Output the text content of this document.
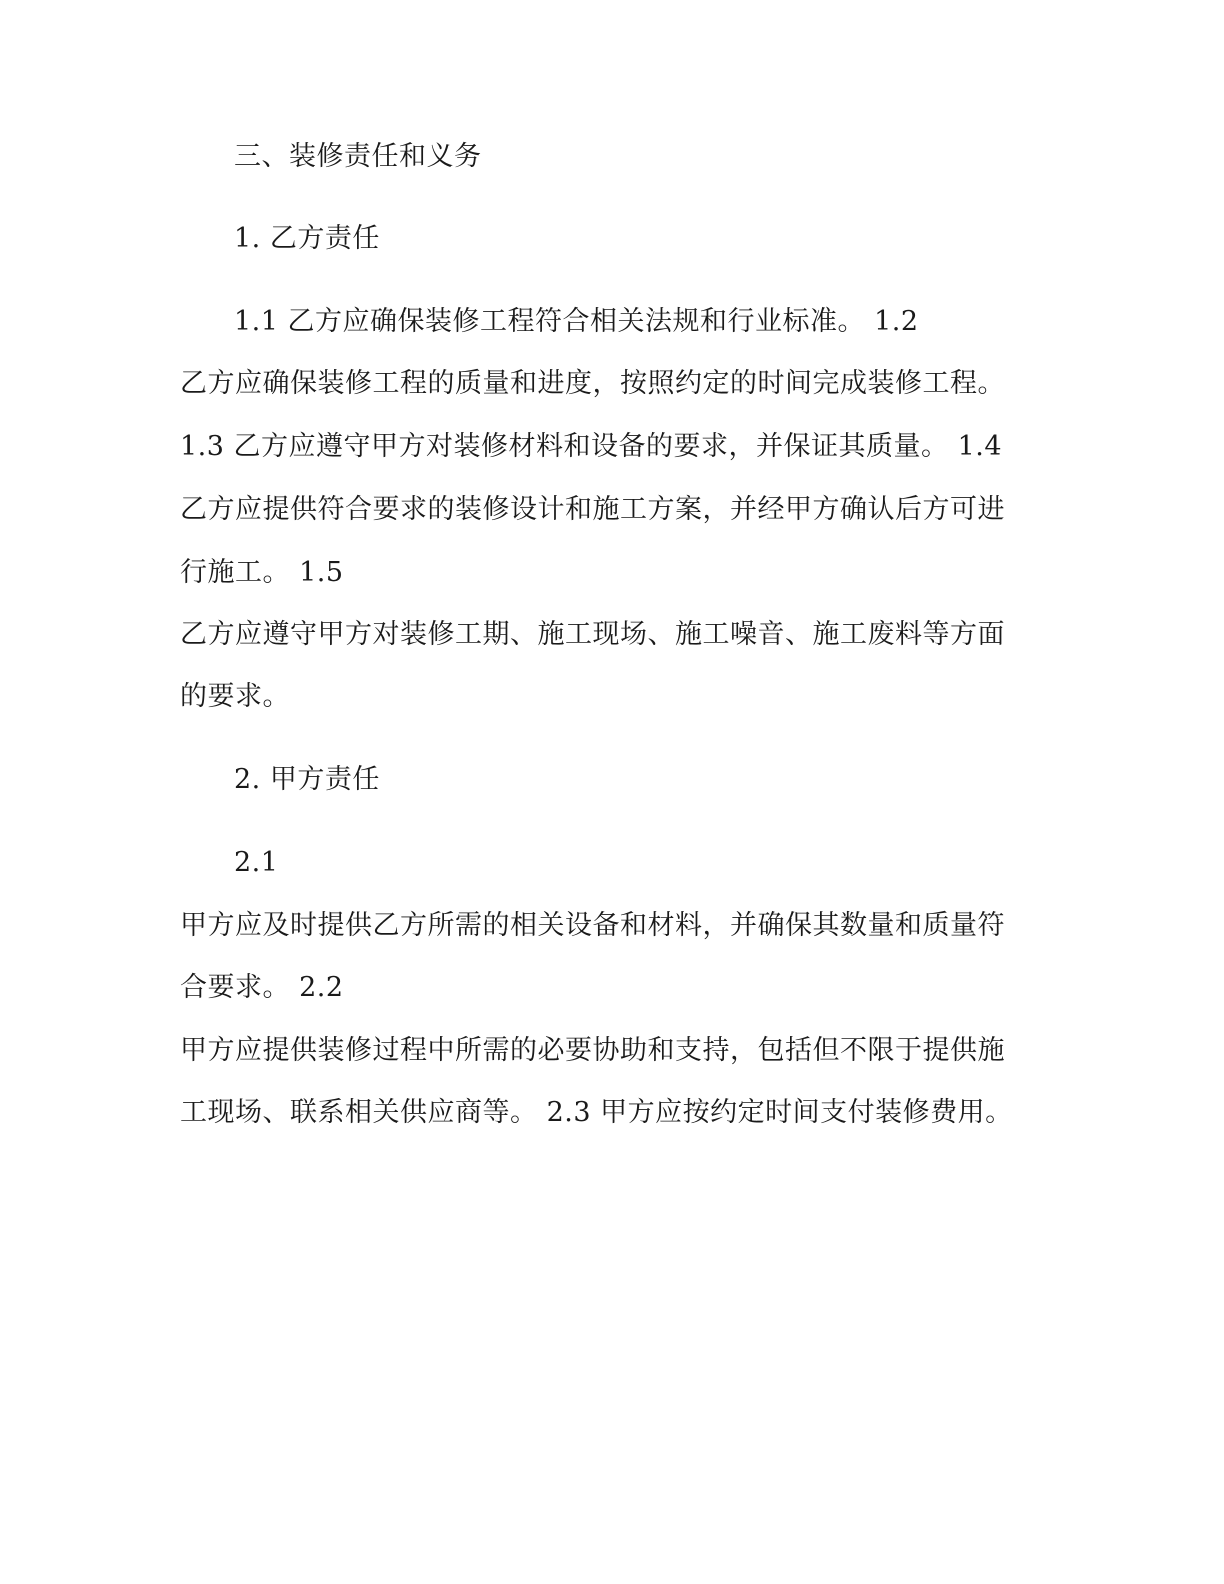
三、装修责任和义务
1. 乙方责任
1.1 乙方应确保装修工程符合相关法规和行业标准。 1.2
乙方应确保装修工程的质量和进度，按照约定的时间完成装修工程。
1.3 乙方应遵守甲方对装修材料和设备的要求，并保证其质量。 1.4
乙方应提供符合要求的装修设计和施工方案，并经甲方确认后方可进
行施工。 1.5
乙方应遵守甲方对装修工期、施工现场、施工噪音、施工废料等方面
的要求。
2. 甲方责任
2.1
甲方应及时提供乙方所需的相关设备和材料，并确保其数量和质量符
合要求。 2.2
甲方应提供装修过程中所需的必要协助和支持，包括但不限于提供施
工现场、联系相关供应商等。 2.3 甲方应按约定时间支付装修费用。
